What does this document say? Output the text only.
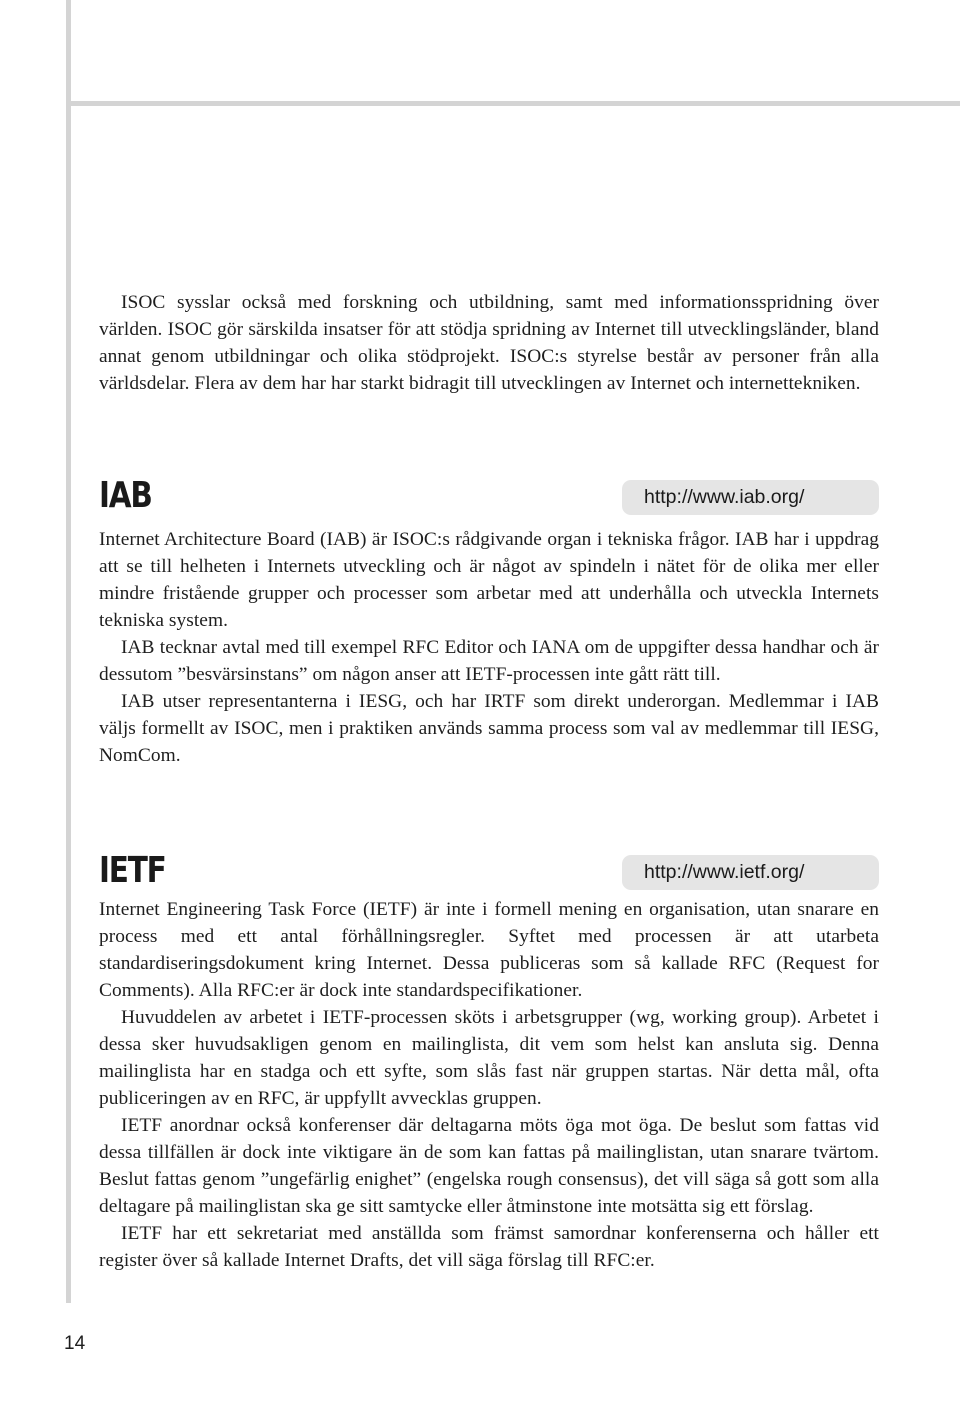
ISOC sysslar också med forskning och utbildning, samt med informationsspridning över världen. ISOC gör särskilda insatser för att stödja spridning av Internet till utvecklingsländer, bland annat genom utbildningar och olika stödprojekt. ISOC:s styrelse består av personer från alla världsdelar. Flera av dem har har starkt bidragit till utvecklingen av Internet och internettekniken.

IAB	http://www.iab.org/

Internet Architecture Board (IAB) är ISOC:s rådgivande organ i tekniska frågor. IAB har i uppdrag att se till helheten i Internets utveckling och är något av spindeln i nätet för de olika mer eller mindre fristående grupper och processer som arbetar med att underhålla och utveckla Internets tekniska system.

IAB tecknar avtal med till exempel RFC Editor och IANA om de uppgifter dessa handhar och är dessutom ”besvärsinstans” om någon anser att IETF-processen inte gått rätt till.

IAB utser representanterna i IESG, och har IRTF som direkt underorgan. Medlemmar i IAB väljs formellt av ISOC, men i praktiken används samma process som val av medlemmar till IESG, NomCom.

IETF	http://www.ietf.org/

Internet Engineering Task Force (IETF) är inte i formell mening en organisation, utan snarare en process med ett antal förhållningsregler. Syftet med processen är att utarbeta standardiseringsdokument kring Internet. Dessa publiceras som så kallade RFC (Request for Comments). Alla RFC:er är dock inte standardspecifikationer.

Huvuddelen av arbetet i IETF-processen sköts i arbetsgrupper (wg, working group). Arbetet i dessa sker huvudsakligen genom en mailinglista, dit vem som helst kan ansluta sig. Denna mailinglista har en stadga och ett syfte, som slås fast när gruppen startas. När detta mål, ofta publiceringen av en RFC, är uppfyllt avvecklas gruppen.

IETF anordnar också konferenser där deltagarna möts öga mot öga. De beslut som fattas vid dessa tillfällen är dock inte viktigare än de som kan fattas på mailinglistan, utan snarare tvärtom. Beslut fattas genom ”ungefärlig enighet” (engelska rough consensus), det vill säga så gott som alla deltagare på mailinglistan ska ge sitt samtycke eller åtminstone inte motsätta sig ett förslag.

IETF har ett sekretariat med anställda som främst samordnar konferenserna och håller ett register över så kallade Internet Drafts, det vill säga förslag till RFC:er.

14
